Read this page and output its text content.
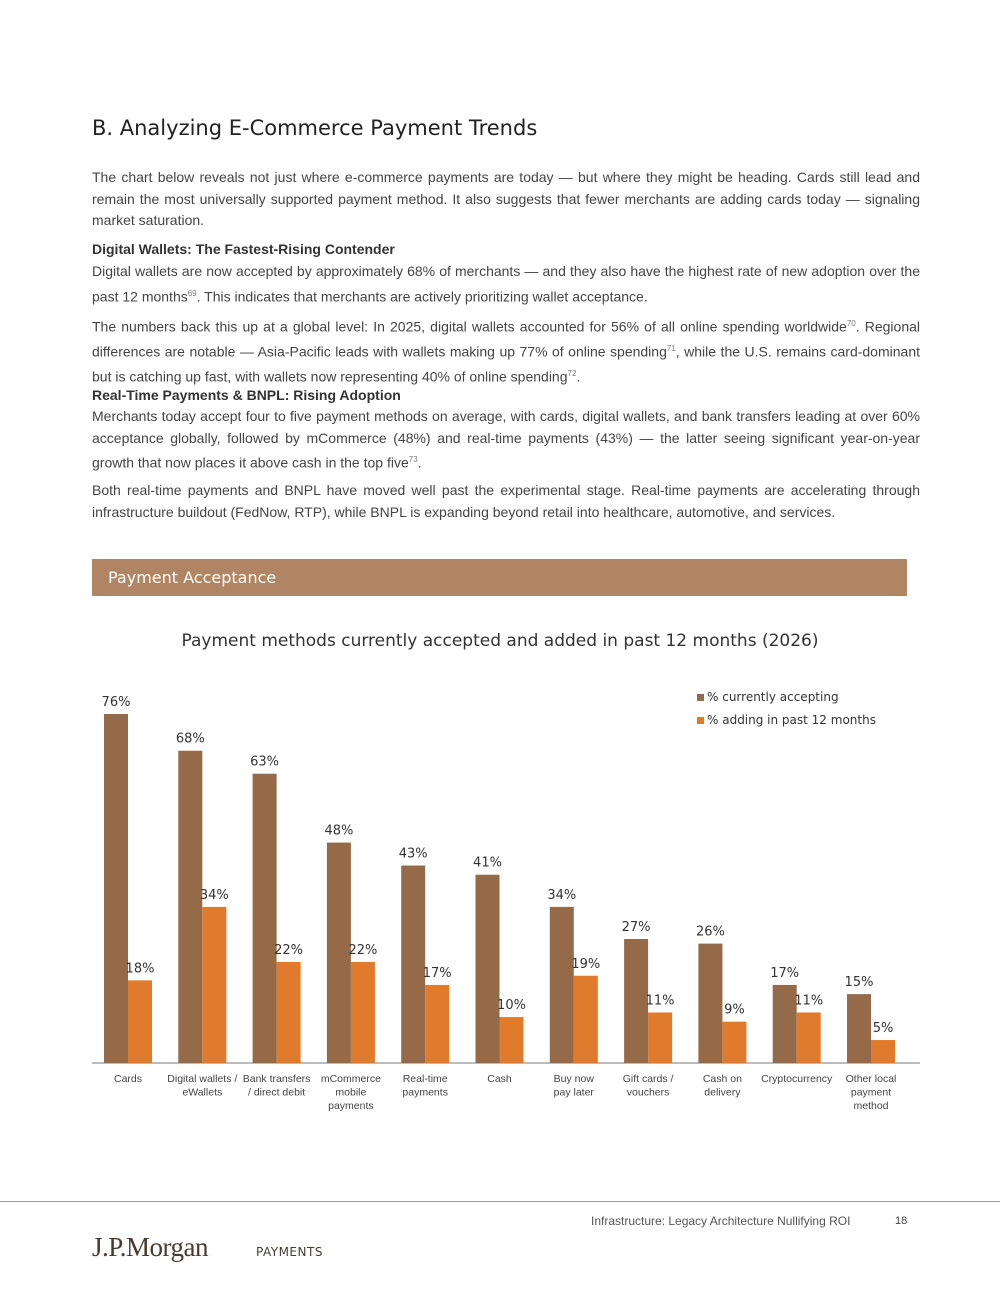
B. Analyzing E-Commerce Payment Trends
The chart below reveals not just where e-commerce payments are today — but where they might be heading. Cards still lead and remain the most universally supported payment method. It also suggests that fewer merchants are adding cards today — signaling market saturation.
Digital Wallets: The Fastest-Rising Contender
Digital wallets are now accepted by approximately 68% of merchants — and they also have the highest rate of new adoption over the past 12 months$^{69}$. This indicates that merchants are actively prioritizing wallet acceptance.
The numbers back this up at a global level: In 2025, digital wallets accounted for 56% of all online spending worldwide$^{70}$. Regional differences are notable — Asia-Pacific leads with wallets making up 77% of online spending$^{71}$, while the U.S. remains card-dominant but is catching up fast, with wallets now representing 40% of online spending$^{72}$.
Real-Time Payments & BNPL: Rising Adoption
Merchants today accept four to five payment methods on average, with cards, digital wallets, and bank transfers leading at over 60% acceptance globally, followed by mCommerce (48%) and real-time payments (43%) — the latter seeing significant year-on-year growth that now places it above cash in the top five$^{73}$.
Both real-time payments and BNPL have moved well past the experimental stage. Real-time payments are accelerating through infrastructure buildout (FedNow, RTP), while BNPL is expanding beyond retail into healthcare, automotive, and services.
Payment Acceptance
Payment methods currently accepted and added in past 12 months (2026)
76%
18%
Cards
68%
34%
Digital wallets / eWallets
63%
22%
Bank transfers / direct debit
48%
22%
mCommerce mobile payments
43%
17%
Real-time payments
41%
10%
Cash
34%
19%
Buy now pay later
27%
11%
Gift cards / vouchers
26%
9%
Cash on delivery
17%
11%
Cryptocurrency
15%
5%
Other local payment method
% currently accepting
% adding in past 12 months
Infrastructure: Legacy Architecture Nullifying ROI	18
J.P.Morgan	PAYMENTS
